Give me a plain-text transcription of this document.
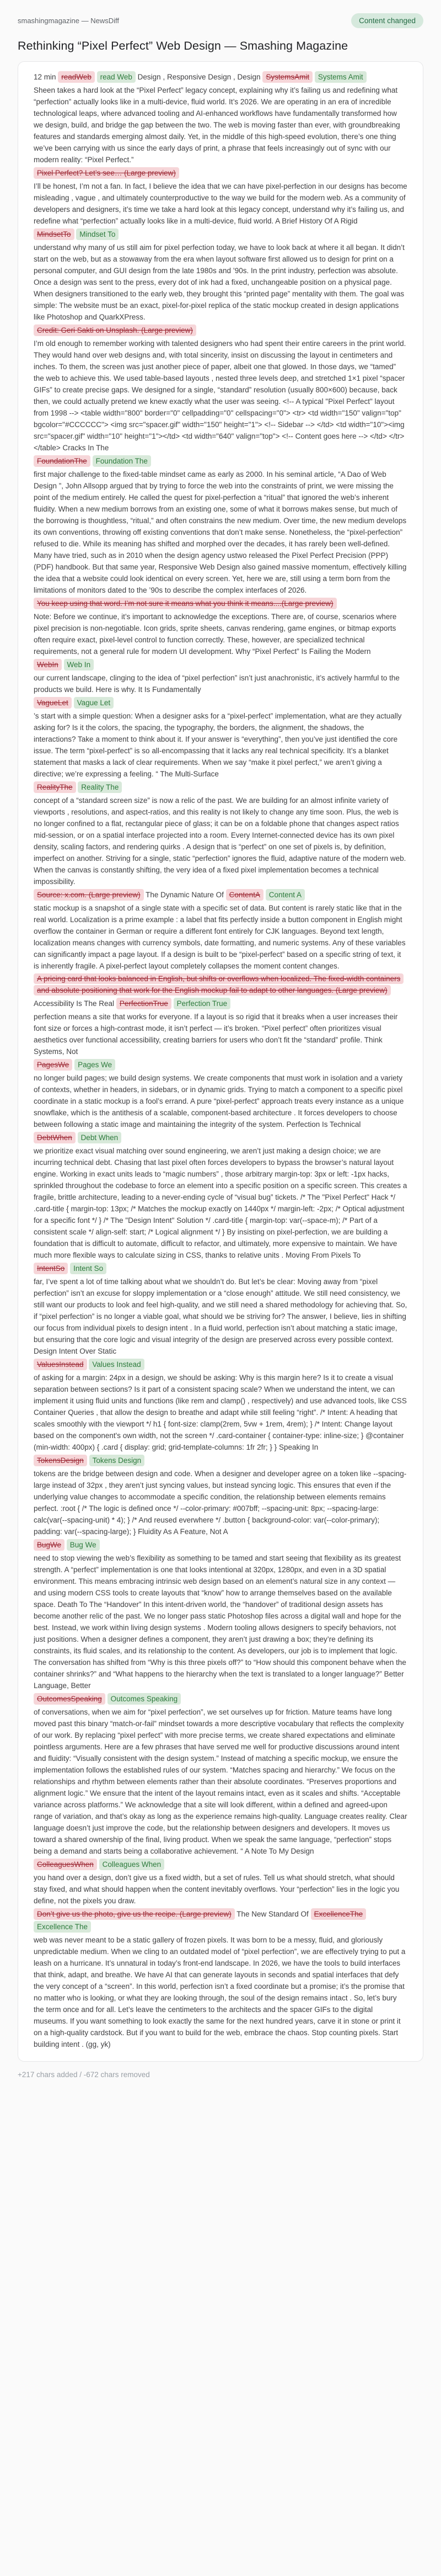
smashingmagazine — NewsDiff	Content changed
Rethinking “Pixel Perfect” Web Design — Smashing Magazine

12 min readWeb read Web Design , Responsive Design , Design SystemsAmit Systems Amit

Sheen takes a hard look at the “Pixel Perfect” legacy concept, explaining why it’s failing us and redefining what “perfection” actually looks like in a multi-device, fluid world. It’s 2026. We are operating in an era of incredible technological leaps, where advanced tooling and AI-enhanced workflows have fundamentally transformed how we design, build, and bridge the gap between the two. The web is moving faster than ever, with groundbreaking features and standards emerging almost daily. Yet, in the middle of this high-speed evolution, there’s one thing we’ve been carrying with us since the early days of print, a phrase that feels increasingly out of sync with our modern reality: “Pixel Perfect.”

Pixel Perfect? Let’s see… (Large preview)

I’ll be honest, I’m not a fan. In fact, I believe the idea that we can have pixel-perfection in our designs has become misleading , vague , and ultimately counterproductive to the way we build for the modern web. As a community of developers and designers, it’s time we take a hard look at this legacy concept, understand why it’s failing us, and redefine what “perfection” actually looks like in a multi-device, fluid world. A Brief History Of A Rigid

MindsetTo Mindset To

understand why many of us still aim for pixel perfection today, we have to look back at where it all began. It didn’t start on the web, but as a stowaway from the era when layout software first allowed us to design for print on a personal computer, and GUI design from the late 1980s and ’90s. In the print industry, perfection was absolute. Once a design was sent to the press, every dot of ink had a fixed, unchangeable position on a physical page. When designers transitioned to the early web, they brought this “printed page” mentality with them. The goal was simple: The website must be an exact, pixel-for-pixel replica of the static mockup created in design applications like Photoshop and QuarkXPress.

Credit: Geri Sakti on Unsplash. (Large preview)

I’m old enough to remember working with talented designers who had spent their entire careers in the print world. They would hand over web designs and, with total sincerity, insist on discussing the layout in centimeters and inches. To them, the screen was just another piece of paper, albeit one that glowed. In those days, we “tamed” the web to achieve this. We used table-based layouts , nested three levels deep, and stretched 1×1 pixel “spacer GIFs” to create precise gaps. We designed for a single, “standard” resolution (usually 800×600) because, back then, we could actually pretend we knew exactly what the user was seeing. <!-- A typical "Pixel Perfect" layout from 1998 --> <table width="800" border="0" cellpadding="0" cellspacing="0"> <tr> <td width="150" valign="top" bgcolor="#CCCCCC"> <img src="spacer.gif" width="150" height="1"> <!-- Sidebar --> </td> <td width="10"><img src="spacer.gif" width="10" height="1"></td> <td width="640" valign="top"> <!-- Content goes here --> </td> </tr> </table> Cracks In The

FoundationThe Foundation The

first major challenge to the fixed-table mindset came as early as 2000. In his seminal article, “A Dao of Web Design ”, John Allsopp argued that by trying to force the web into the constraints of print, we were missing the point of the medium entirely. He called the quest for pixel-perfection a “ritual” that ignored the web’s inherent fluidity. When a new medium borrows from an existing one, some of what it borrows makes sense, but much of the borrowing is thoughtless, “ritual,” and often constrains the new medium. Over time, the new medium develops its own conventions, throwing off existing conventions that don’t make sense. Nonetheless, the “pixel-perfection” refused to die. While its meaning has shifted and morphed over the decades, it has rarely been well-defined. Many have tried, such as in 2010 when the design agency ustwo released the Pixel Perfect Precision (PPP) (PDF) handbook. But that same year, Responsive Web Design also gained massive momentum, effectively killing the idea that a website could look identical on every screen. Yet, here we are, still using a term born from the limitations of monitors dated to the ’90s to describe the complex interfaces of 2026.

You keep using that word. I’m not sure it means what you think it means....(Large preview)

Note: Before we continue, it’s important to acknowledge the exceptions. There are, of course, scenarios where pixel precision is non-negotiable. Icon grids, sprite sheets, canvas rendering, game engines, or bitmap exports often require exact, pixel-level control to function correctly. These, however, are specialized technical requirements, not a general rule for modern UI development. Why “Pixel Perfect” Is Failing the Modern

WebIn Web In

our current landscape, clinging to the idea of “pixel perfection” isn’t just anachronistic, it’s actively harmful to the products we build. Here is why. It Is Fundamentally

VagueLet Vague Let

’s start with a simple question: When a designer asks for a “pixel-perfect” implementation, what are they actually asking for? Is it the colors, the spacing, the typography, the borders, the alignment, the shadows, the interactions? Take a moment to think about it. If your answer is “everything”, then you’ve just identified the core issue. The term “pixel-perfect” is so all-encompassing that it lacks any real technical specificity. It’s a blanket statement that masks a lack of clear requirements. When we say “make it pixel perfect,” we aren’t giving a directive; we’re expressing a feeling. “ The Multi-Surface

RealityThe Reality The

concept of a “standard screen size” is now a relic of the past. We are building for an almost infinite variety of viewports , resolutions, and aspect-ratios, and this reality is not likely to change any time soon. Plus, the web is no longer confined to a flat, rectangular piece of glass; it can be on a foldable phone that changes aspect ratios mid-session, or on a spatial interface projected into a room. Every Internet-connected device has its own pixel density, scaling factors, and rendering quirks . A design that is “perfect” on one set of pixels is, by definition, imperfect on another. Striving for a single, static “perfection” ignores the fluid, adaptive nature of the modern web. When the canvas is constantly shifting, the very idea of a fixed pixel implementation becomes a technical impossibility.

Source: x.com. (Large preview) The Dynamic Nature Of ContentA Content A

static mockup is a snapshot of a single state with a specific set of data. But content is rarely static like that in the real world. Localization is a prime example : a label that fits perfectly inside a button component in English might overflow the container in German or require a different font entirely for CJK languages. Beyond text length, localization means changes with currency symbols, date formatting, and numeric systems. Any of these variables can significantly impact a page layout. If a design is built to be “pixel-perfect” based on a specific string of text, it is inherently fragile. A pixel-perfect layout completely collapses the moment content changes.

A pricing card that looks balanced in English, but shifts or overflows when localized. The fixed-width containers and absolute positioning that work for the English mockup fail to adapt to other languages. (Large preview)

Accessibility Is The Real PerfectionTrue Perfection True

perfection means a site that works for everyone. If a layout is so rigid that it breaks when a user increases their font size or forces a high-contrast mode, it isn’t perfect — it’s broken. “Pixel perfect” often prioritizes visual aesthetics over functional accessibility, creating barriers for users who don’t fit the “standard” profile. Think Systems, Not

PagesWe Pages We

no longer build pages; we build design systems. We create components that must work in isolation and a variety of contexts, whether in headers, in sidebars, or in dynamic grids. Trying to match a component to a specific pixel coordinate in a static mockup is a fool’s errand. A pure “pixel-perfect” approach treats every instance as a unique snowflake, which is the antithesis of a scalable, component-based architecture . It forces developers to choose between following a static image and maintaining the integrity of the system. Perfection Is Technical

DebtWhen Debt When

we prioritize exact visual matching over sound engineering, we aren’t just making a design choice; we are incurring technical debt. Chasing that last pixel often forces developers to bypass the browser’s natural layout engine. Working in exact units leads to “magic numbers” , those arbitrary margin-top: 3px or left: -1px hacks, sprinkled throughout the codebase to force an element into a specific position on a specific screen. This creates a fragile, brittle architecture, leading to a never-ending cycle of “visual bug” tickets. /* The "Pixel Perfect" Hack */ .card-title { margin-top: 13px; /* Matches the mockup exactly on 1440px */ margin-left: -2px; /* Optical adjustment for a specific font */ } /* The "Design Intent" Solution */ .card-title { margin-top: var(--space-m); /* Part of a consistent scale */ align-self: start; /* Logical alignment */ } By insisting on pixel-perfection, we are building a foundation that is difficult to automate, difficult to refactor, and ultimately, more expensive to maintain. We have much more flexible ways to calculate sizing in CSS, thanks to relative units . Moving From Pixels To

IntentSo Intent So

far, I’ve spent a lot of time talking about what we shouldn’t do. But let’s be clear: Moving away from “pixel perfection” isn’t an excuse for sloppy implementation or a “close enough” attitude. We still need consistency, we still want our products to look and feel high-quality, and we still need a shared methodology for achieving that. So, if “pixel perfection” is no longer a viable goal, what should we be striving for? The answer, I believe, lies in shifting our focus from individual pixels to design intent . In a fluid world, perfection isn’t about matching a static image, but ensuring that the core logic and visual integrity of the design are preserved across every possible context. Design Intent Over Static

ValuesInstead Values Instead

of asking for a margin: 24px in a design, we should be asking: Why is this margin here? Is it to create a visual separation between sections? Is it part of a consistent spacing scale? When we understand the intent, we can implement it using fluid units and functions (like rem and clamp() , respectively) and use advanced tools, like CSS Container Queries , that allow the design to breathe and adapt while still feeling “right”. /* Intent: A heading that scales smoothly with the viewport */ h1 { font-size: clamp(2rem, 5vw + 1rem, 4rem); } /* Intent: Change layout based on the component's own width, not the screen */ .card-container { container-type: inline-size; } @container (min-width: 400px) { .card { display: grid; grid-template-columns: 1fr 2fr; } } Speaking In

TokensDesign Tokens Design

tokens are the bridge between design and code. When a designer and developer agree on a token like --spacing-large instead of 32px , they aren’t just syncing values, but instead syncing logic. This ensures that even if the underlying value changes to accommodate a specific condition, the relationship between elements remains perfect. :root { /* The logic is defined once */ --color-primary: #007bff; --spacing-unit: 8px; --spacing-large: calc(var(--spacing-unit) * 4); } /* And reused everwhere */ .button { background-color: var(--color-primary); padding: var(--spacing-large); } Fluidity As A Feature, Not A

BugWe Bug We

need to stop viewing the web’s flexibility as something to be tamed and start seeing that flexibility as its greatest strength. A “perfect” implementation is one that looks intentional at 320px, 1280px, and even in a 3D spatial environment. This means embracing intrinsic web design based on an element’s natural size in any context — and using modern CSS tools to create layouts that “know” how to arrange themselves based on the available space. Death To The “Handover” In this intent-driven world, the “handover” of traditional design assets has become another relic of the past. We no longer pass static Photoshop files across a digital wall and hope for the best. Instead, we work within living design systems . Modern tooling allows designers to specify behaviors, not just positions. When a designer defines a component, they aren’t just drawing a box; they’re defining its constraints, its fluid scales, and its relationship to the content. As developers, our job is to implement that logic. The conversation has shifted from “Why is this three pixels off?” to “How should this component behave when the container shrinks?” and “What happens to the hierarchy when the text is translated to a longer language?” Better Language, Better

OutcomesSpeaking Outcomes Speaking

of conversations, when we aim for “pixel perfection”, we set ourselves up for friction. Mature teams have long moved past this binary “match-or-fail” mindset towards a more descriptive vocabulary that reflects the complexity of our work. By replacing “pixel perfect” with more precise terms, we create shared expectations and eliminate pointless arguments. Here are a few phrases that have served me well for productive discussions around intent and fluidity: “Visually consistent with the design system.” Instead of matching a specific mockup, we ensure the implementation follows the established rules of our system. “Matches spacing and hierarchy.” We focus on the relationships and rhythm between elements rather than their absolute coordinates. “Preserves proportions and alignment logic.” We ensure that the intent of the layout remains intact, even as it scales and shifts. “Acceptable variance across platforms.” We acknowledge that a site will look different, within a defined and agreed-upon range of variation, and that’s okay as long as the experience remains high-quality. Language creates reality. Clear language doesn’t just improve the code, but the relationship between designers and developers. It moves us toward a shared ownership of the final, living product. When we speak the same language, “perfection” stops being a demand and starts being a collaborative achievement. “ A Note To My Design

ColleaguesWhen Colleagues When

you hand over a design, don’t give us a fixed width, but a set of rules. Tell us what should stretch, what should stay fixed, and what should happen when the content inevitably overflows. Your “perfection” lies in the logic you define, not the pixels you draw.

Don’t give us the photo, give us the recipe. (Large preview) The New Standard Of ExcellenceThe Excellence The

web was never meant to be a static gallery of frozen pixels. It was born to be a messy, fluid, and gloriously unpredictable medium. When we cling to an outdated model of “pixel perfection”, we are effectively trying to put a leash on a hurricane. It’s unnatural in today’s front-end landscape. In 2026, we have the tools to build interfaces that think, adapt, and breathe. We have AI that can generate layouts in seconds and spatial interfaces that defy the very concept of a “screen”. In this world, perfection isn’t a fixed coordinate but a promise; it’s the promise that no matter who is looking, or what they are looking through, the soul of the design remains intact . So, let’s bury the term once and for all. Let’s leave the centimeters to the architects and the spacer GIFs to the digital museums. If you want something to look exactly the same for the next hundred years, carve it in stone or print it on a high-quality cardstock. But if you want to build for the web, embrace the chaos. Stop counting pixels. Start building intent . (gg, yk)

+217 chars added / -672 chars removed
